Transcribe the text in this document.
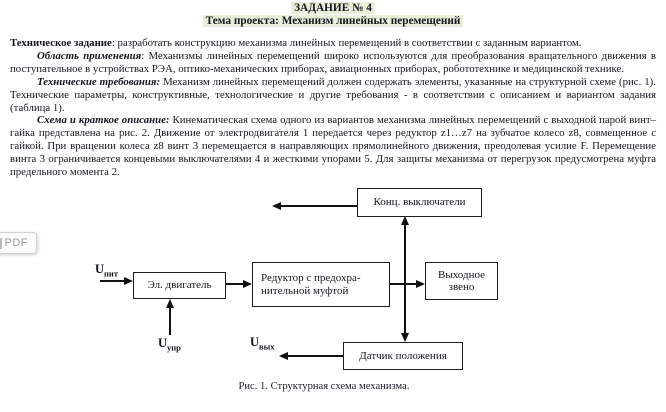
ЗАДАНИЕ № 4
Тема проекта: Механизм линейных перемещений

Техническое задание: разработать конструкцию механизма линейных перемещений в соответствии с заданным вариантом.

Область применения: Механизмы линейных перемещений широко используются для преобразования вращательного движения в поступательное в устройствах РЭА, оптико-механических приборах, авиационных приборах, робототехнике и медицинской технике.

Технические требования: Механизм линейных перемещений должен содержать элементы, указанные на структурной схеме (рис. 1). Технические параметры, конструктивные, технологические и другие требования - в соответствии с описанием и вариантом задания (таблица 1).

Схема и краткое описание: Кинематическая схема одного из вариантов механизма линейных перемещений с выходной парой винт–гайка представлена на рис. 2. Движение от электродвигателя 1 передается через редуктор z1…z7 на зубчатое колесо z8, совмещенное с гайкой. При вращении колеса z8 винт 3 перемещается в направляющих прямолинейного движения, преодолевая усилие F. Перемещение винта 3 ограничивается концевыми выключателями 4 и жесткими упорами 5. Для защиты механизма от перегрузок предусмотрена муфта предельного момента 2.

Конц. выключатели
Эл. двигатель
Редуктор с предохра-нительной муфтой
Выходное звено
Датчик положения
$U_{пит}$
$U_{упр}$	$U_{вых}$
Рис. 1. Структурная схема механизма.
PDF
